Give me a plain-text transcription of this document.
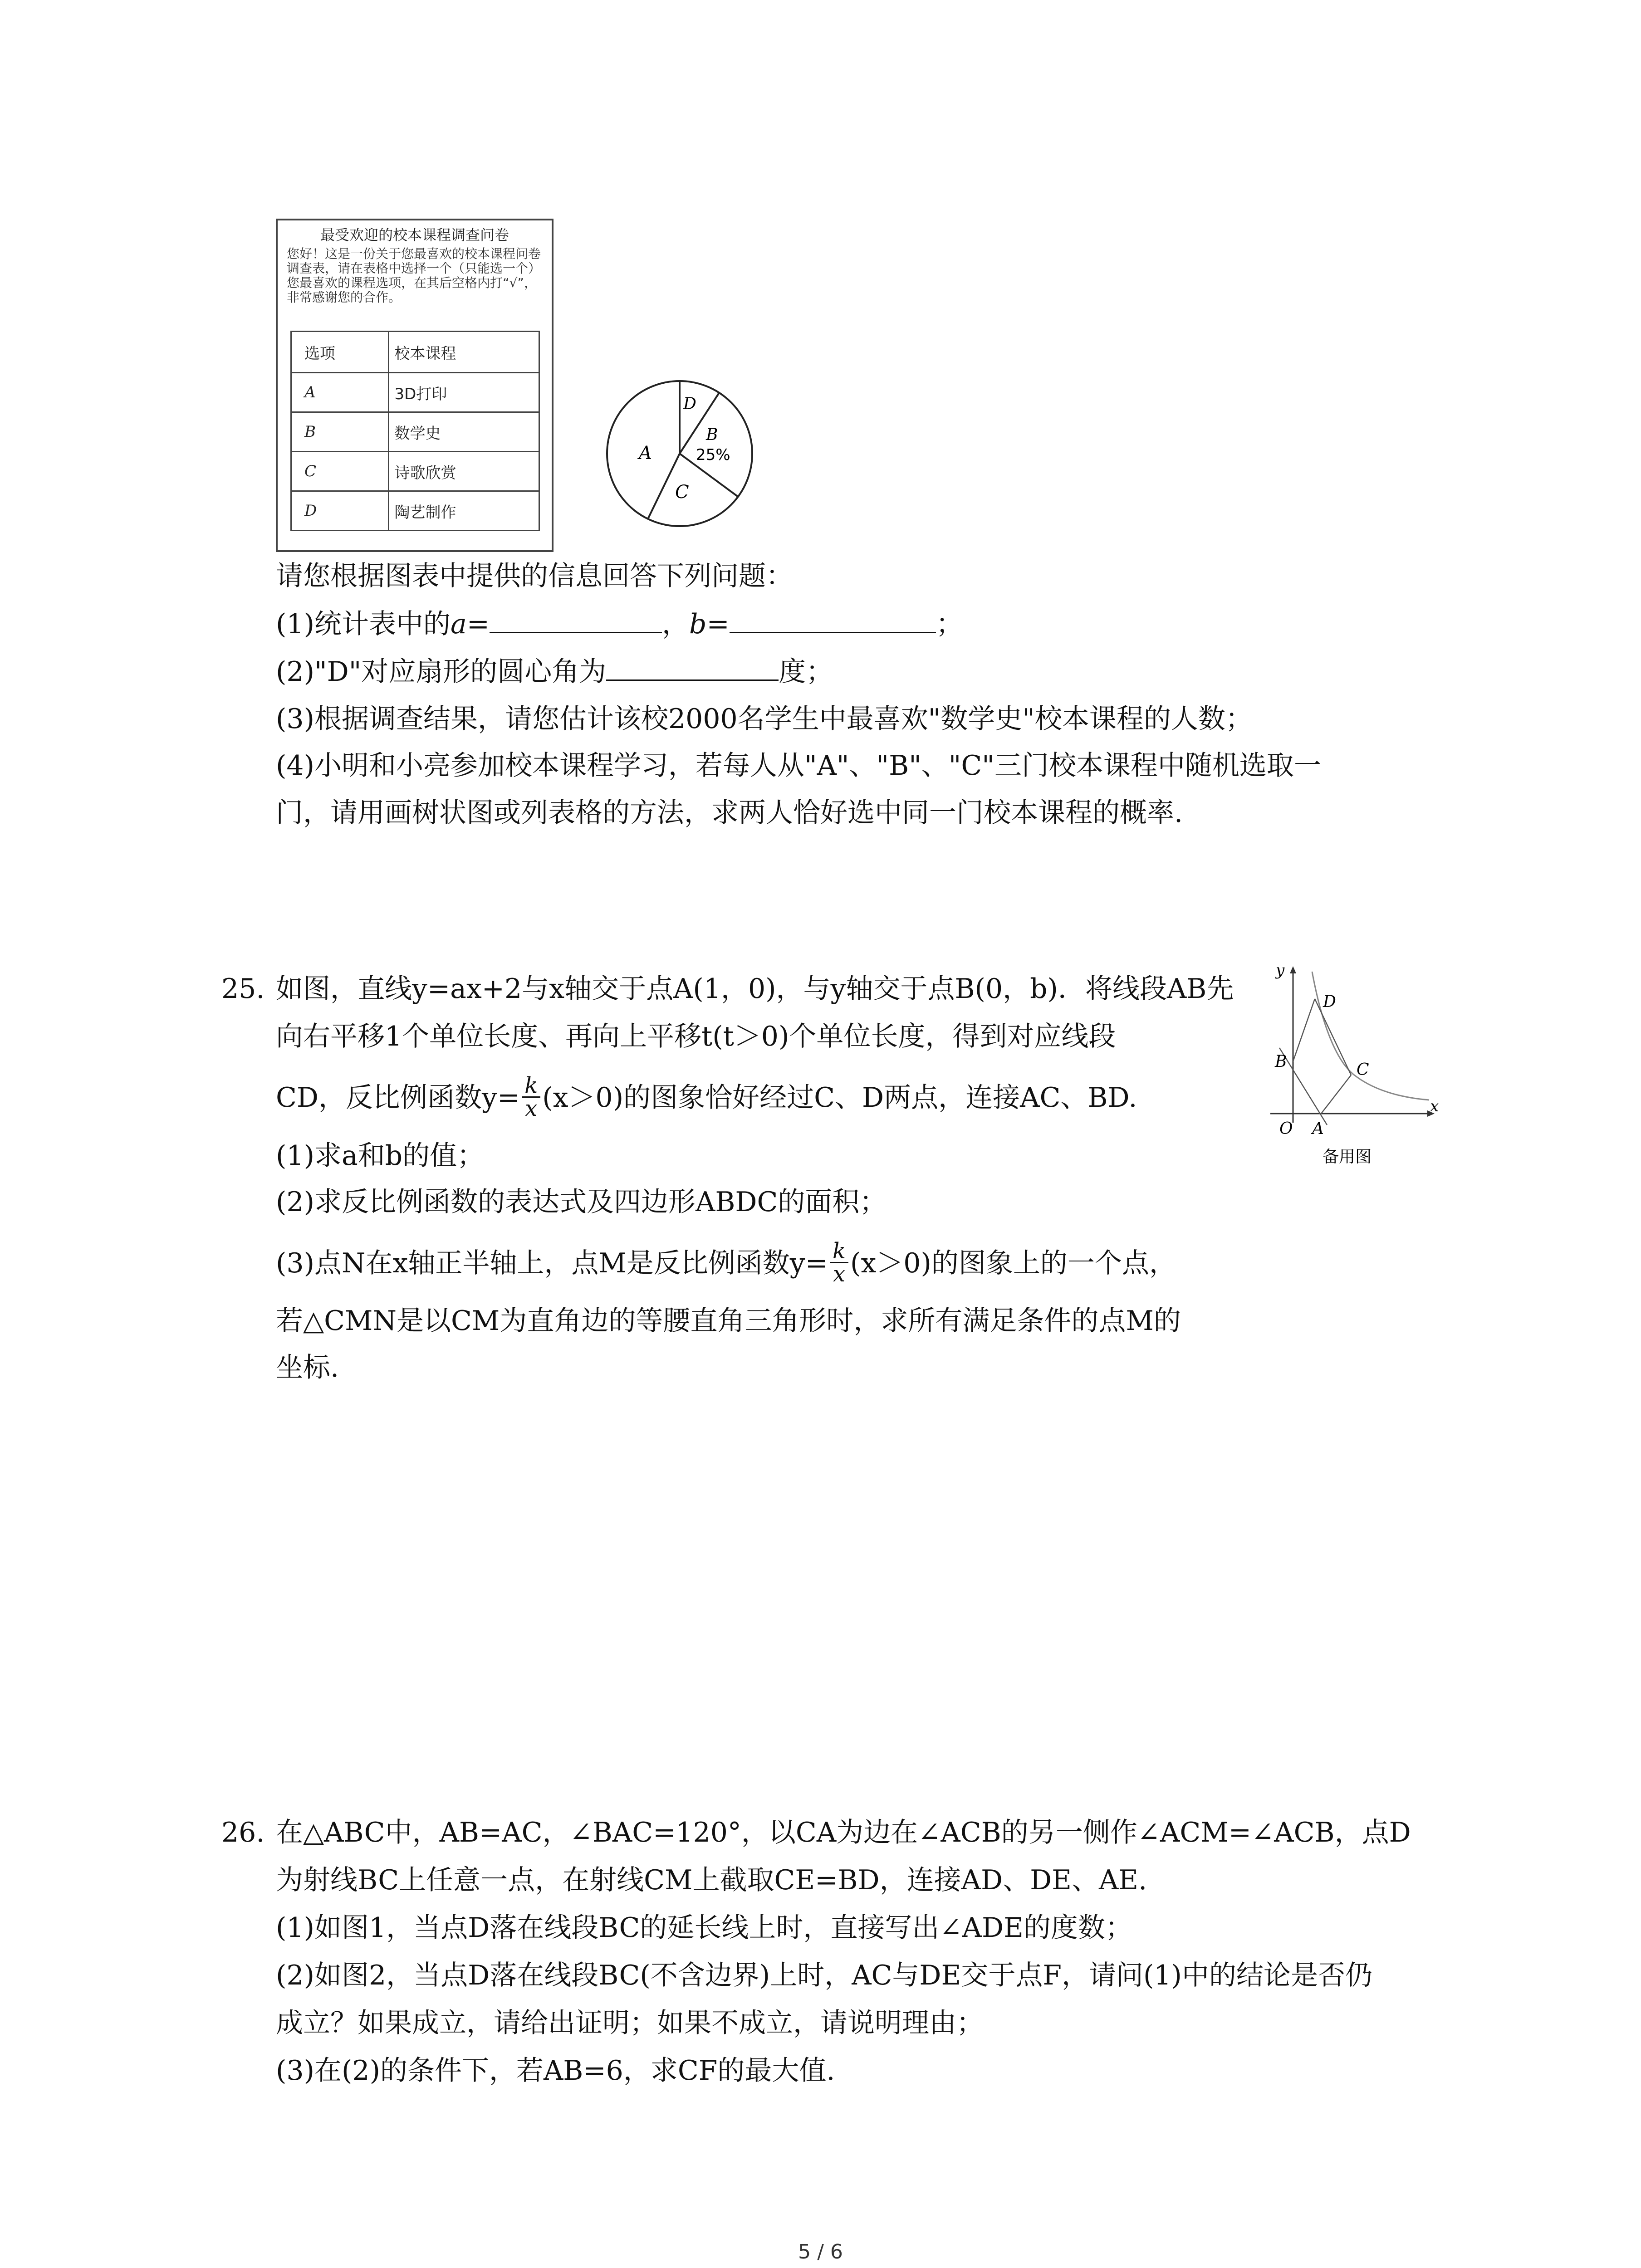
最受欢迎的校本课程调查问卷
您好！这是一份关于您最喜欢的校本课程问卷调查表，请在表格中选择一个（只能选一个）您最喜欢的课程选项，在其后空格内打“√”，非常感谢您的合作。
选项	校本课程
A	3D打印
B	数学史
C	诗歌欣赏
D	陶艺制作
A
D
B
25%
C
请您根据图表中提供的信息回答下列问题：
(1)统计表中的a=	，b=	；
(2)"D"对应扇形的圆心角为	度；
(3)根据调查结果，请您估计该校2000名学生中最喜欢"数学史"校本课程的人数；
(4)小明和小亮参加校本课程学习，若每人从"A"、"B"、"C"三门校本课程中随机选取一
门，请用画树状图或列表格的方法，求两人恰好选中同一门校本课程的概率.
25. 如图，直线y=ax+2与x轴交于点A(1，0)，与y轴交于点B(0，b)．将线段AB先
向右平移1个单位长度、再向上平移t(t＞0)个单位长度，得到对应线段
CD，反比例函数$y= \frac{k}{x} (x>0)$的图象恰好经过C、D两点，连接AC、BD.
(1)求a和b的值；
(2)求反比例函数的表达式及四边形ABDC的面积；
(3)点N在x轴正半轴上，点M是反比例函数$y= \frac{k}{x} (x>0)$的图象上的一个点，
若△CMN是以CM为直角边的等腰直角三角形时，求所有满足条件的点M的
坐标.
y
x
O A
B	C
D
备用图
26. 在△ABC中，AB=AC，∠BAC=120°，以CA为边在∠ACB的另一侧作∠ACM=∠ACB，点D
为射线BC上任意一点，在射线CM上截取CE=BD，连接AD、DE、AE.
(1)如图1，当点D落在线段BC的延长线上时，直接写出∠ADE的度数；
(2)如图2，当点D落在线段BC(不含边界)上时，AC与DE交于点F，请问(1)中的结论是否仍
成立？如果成立，请给出证明；如果不成立，请说明理由；
(3)在(2)的条件下，若AB=6，求CF的最大值.
5 / 6
